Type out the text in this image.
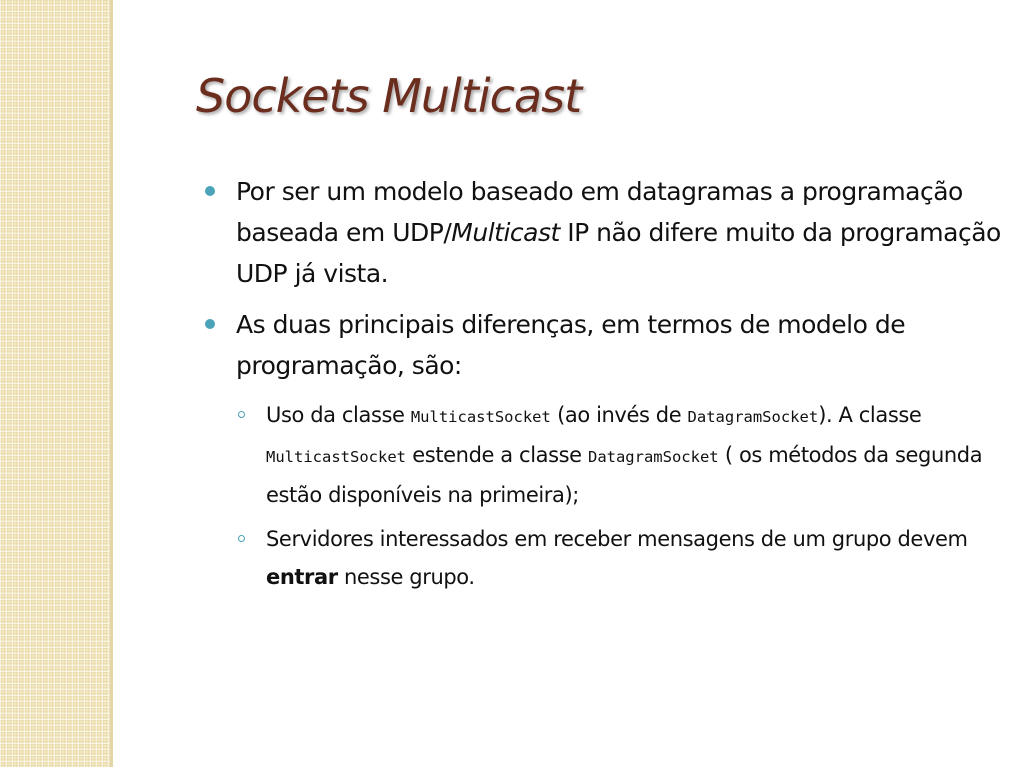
Sockets Multicast
Por ser um modelo baseado em datagramas a programação baseada em UDP/Multicast IP não difere muito da programação UDP já vista.
As duas principais diferenças, em termos de modelo de programação, são:
Uso da classe MulticastSocket (ao invés de DatagramSocket). A classe MulticastSocket estende a classe DatagramSocket ( os métodos da segunda estão disponíveis na primeira);
Servidores interessados em receber mensagens de um grupo devem entrar nesse grupo.
